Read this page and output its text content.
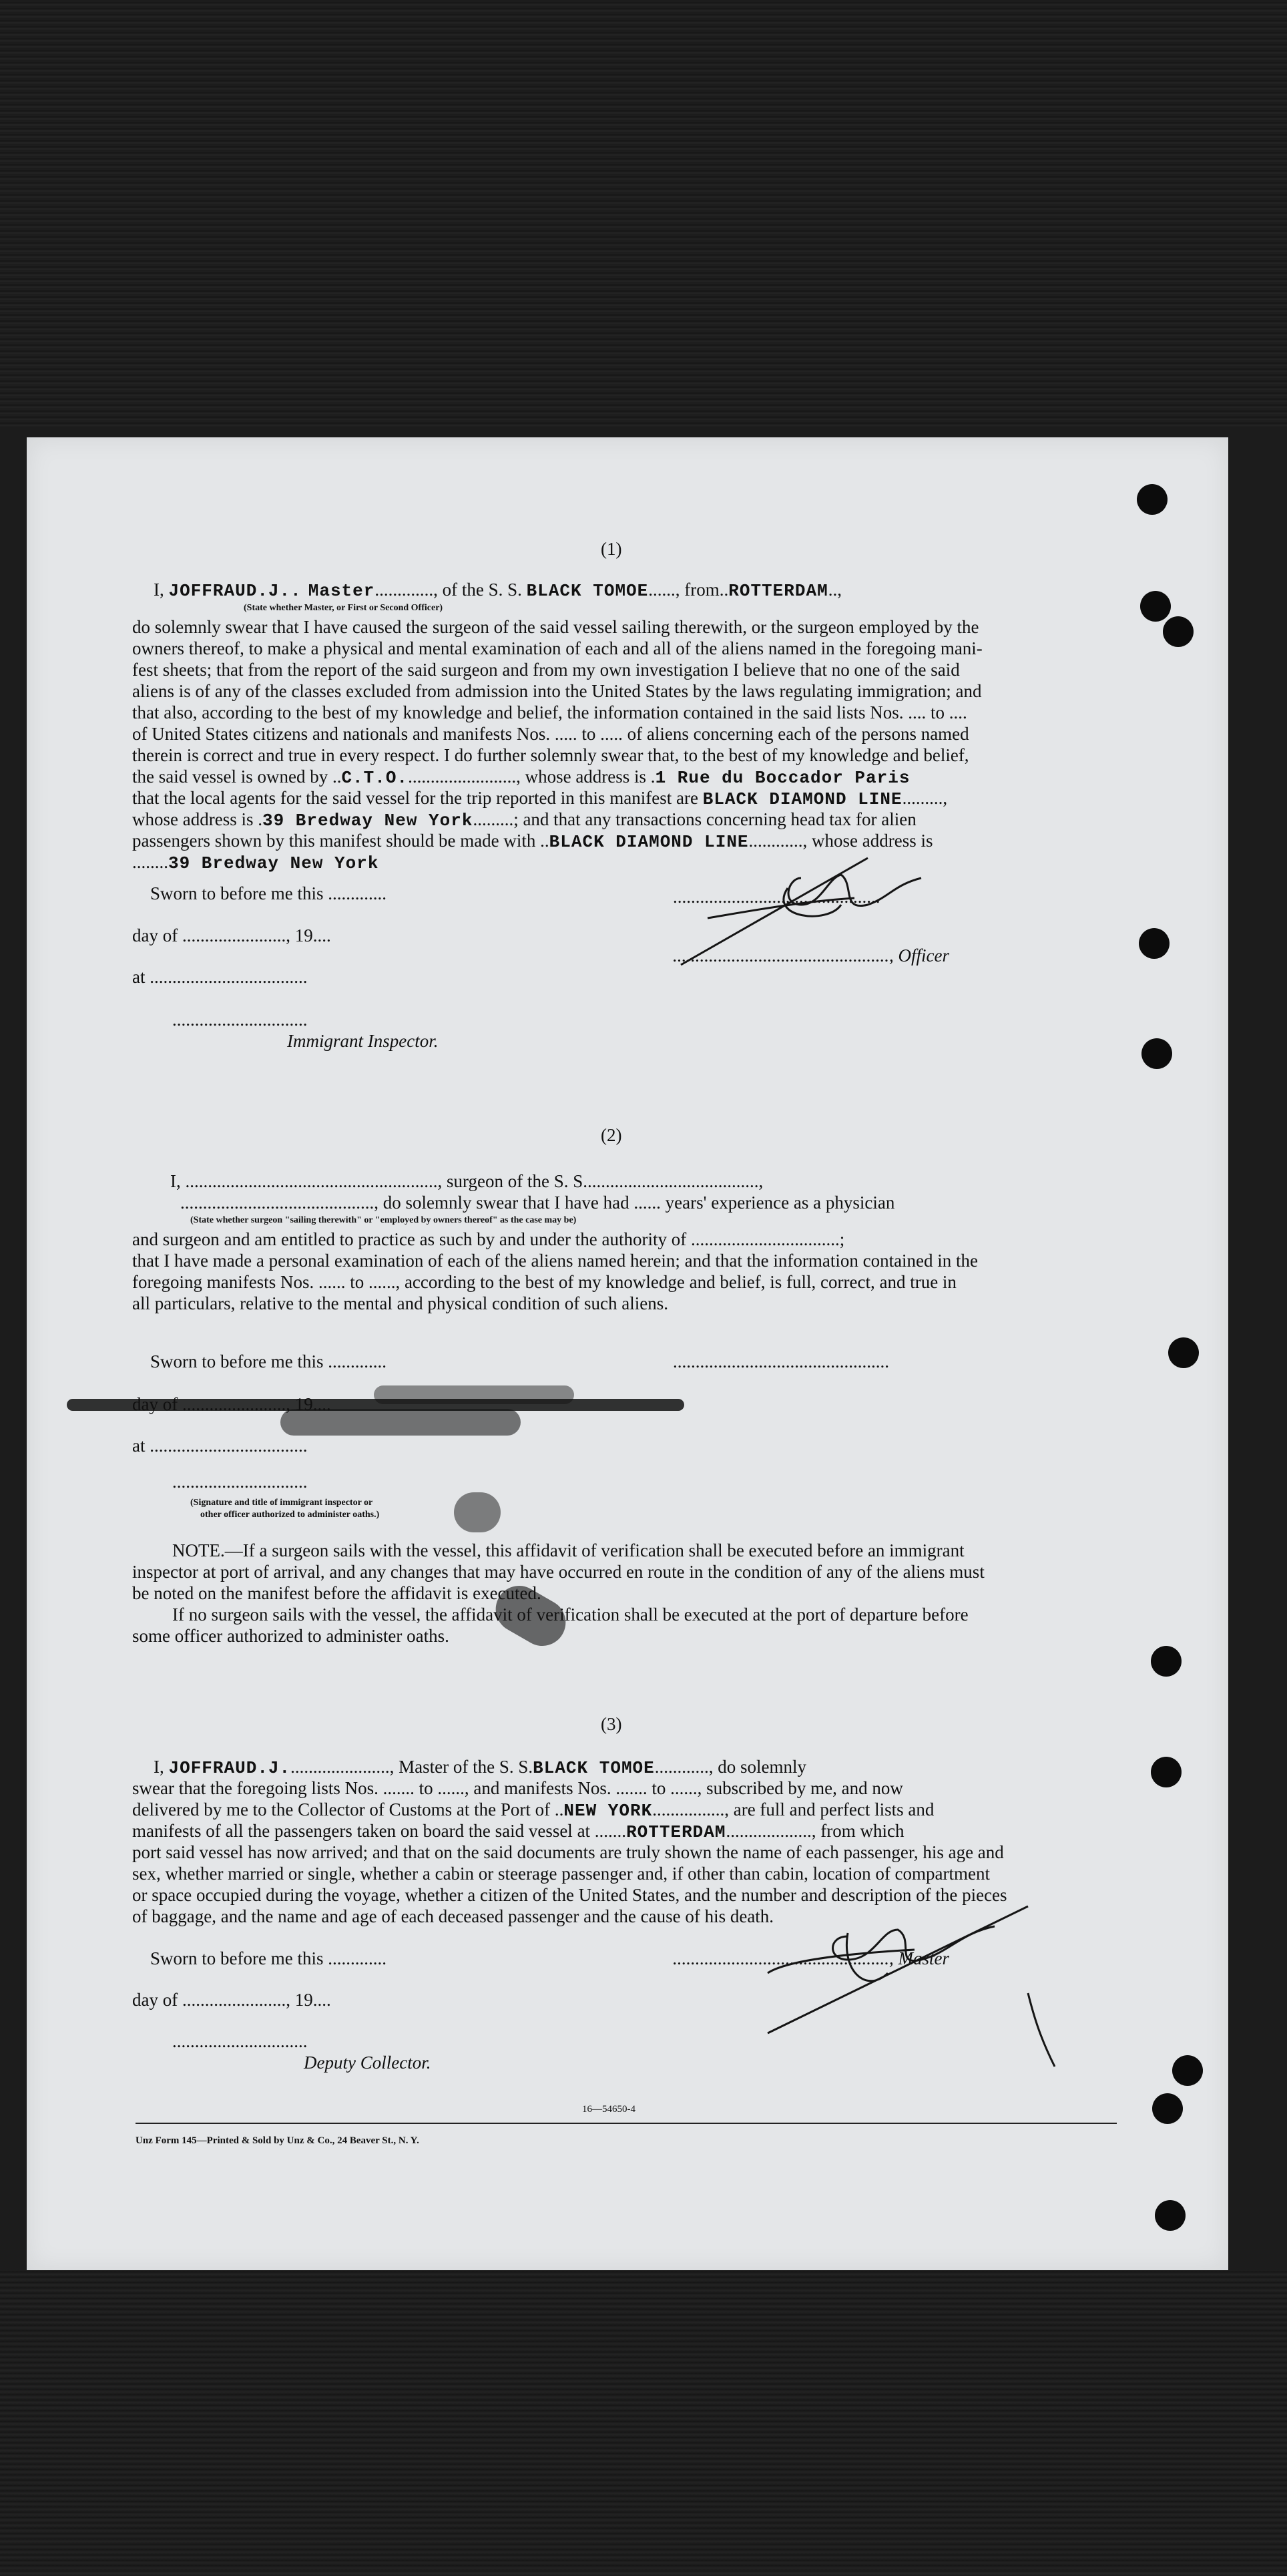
(1)
I, JOFFRAUD.J.. Master............., of the S. S. BLACK TOMOE......, from..ROTTERDAM..,
(State whether Master, or First or Second Officer)
do solemnly swear that I have caused the surgeon of the said vessel sailing therewith, or the surgeon employed by the
owners thereof, to make a physical and mental examination of each and all of the aliens named in the foregoing mani-
fest sheets; that from the report of the said surgeon and from my own investigation I believe that no one of the said
aliens is of any of the classes excluded from admission into the United States by the laws regulating immigration; and
that also, according to the best of my knowledge and belief, the information contained in the said lists Nos. .... to ....
of United States citizens and nationals and manifests Nos. ..... to ..... of aliens concerning each of the persons named
therein is correct and true in every respect. I do further solemnly swear that, to the best of my knowledge and belief,
the said vessel is owned by ..C.T.O........................., whose address is .1 Rue du Boccador Paris
that the local agents for the said vessel for the trip reported in this manifest are BLACK DIAMOND LINE.........,
whose address is .39 Bredway New York.........; and that any transactions concerning head tax for alien
passengers shown by this manifest should be made with ..BLACK DIAMOND LINE............, whose address is
........39 Bredway New York
Sworn to before me this .............
day of ......................., 19....
at ...................................
..............................
Immigrant Inspector.
..............................................
................................................, Officer
(2)
I, ........................................................, surgeon of the S. S.......................................,
..........................................., do solemnly swear that I have had ...... years' experience as a physician
(State whether surgeon "sailing therewith" or "employed by owners thereof" as the case may be)
and surgeon and am entitled to practice as such by and under the authority of .................................;
that I have made a personal examination of each of the aliens named herein; and that the information contained in the
foregoing manifests Nos. ...... to ......, according to the best of my knowledge and belief, is full, correct, and true in
all particulars, relative to the mental and physical condition of such aliens.
Sworn to before me this .............	................................................
at ...................................
..............................
(Signature and title of immigrant inspector or
other officer authorized to administer oaths.)
NOTE.—If a surgeon sails with the vessel, this affidavit of verification shall be executed before an immigrant
inspector at port of arrival, and any changes that may have occurred en route in the condition of any of the aliens must
be noted on the manifest before the affidavit is executed.
If no surgeon sails with the vessel, the affidavit of verification shall be executed at the port of departure before
some officer authorized to administer oaths.
(3)
I, JOFFRAUD.J......................., Master of the S. S.BLACK TOMOE............, do solemnly
swear that the foregoing lists Nos. ....... to ......, and manifests Nos. ....... to ......, subscribed by me, and now
delivered by me to the Collector of Customs at the Port of ..NEW YORK................, are full and perfect lists and
manifests of all the passengers taken on board the said vessel at .......ROTTERDAM..................., from which
port said vessel has now arrived; and that on the said documents are truly shown the name of each passenger, his age and
sex, whether married or single, whether a cabin or steerage passenger and, if other than cabin, location of compartment
or space occupied during the voyage, whether a citizen of the United States, and the number and description of the pieces
of baggage, and the name and age of each deceased passenger and the cause of his death.
Sworn to before me this .............	................................................, Master
day of ......................., 19....
..............................
Deputy Collector.
16—54650-4
Unz Form 145—Printed & Sold by Unz & Co., 24 Beaver St., N. Y.
